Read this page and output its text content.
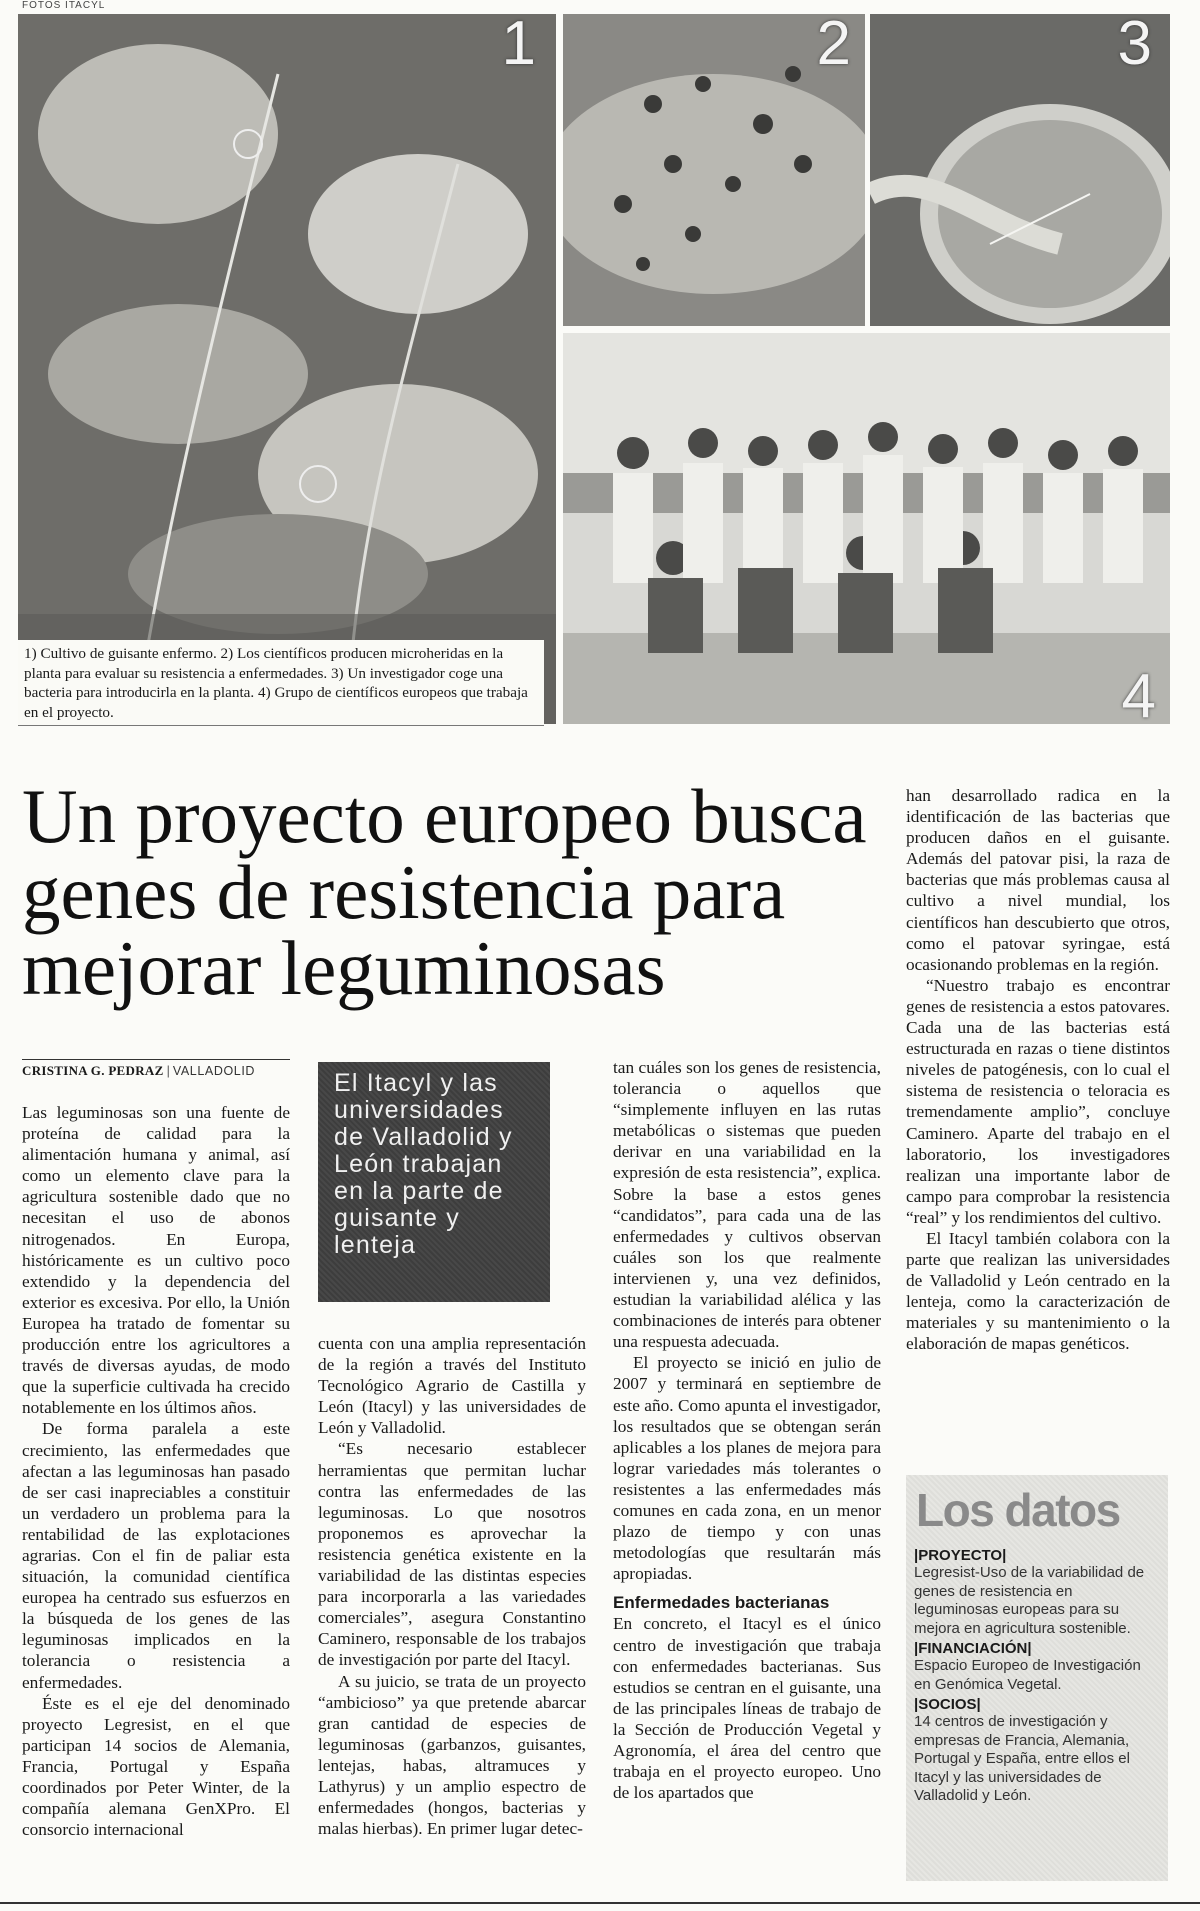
FOTOS ITACYL
1	2	3
4
1) Cultivo de guisante enfermo. 2) Los científicos producen microheridas en la planta para evaluar su resistencia a enfermedades. 3) Un investigador coge una bacteria para introducirla en la planta. 4) Grupo de científicos europeos que trabaja en el proyecto.
Un proyecto europeo busca genes de resistencia para mejorar leguminosas
CRISTINA G. PEDRAZ | VALLADOLID

Las leguminosas son una fuente de proteína de calidad para la alimentación humana y animal, así como un elemento clave para la agricultura sostenible dado que no necesitan el uso de abonos nitrogenados. En Europa, históricamente es un cultivo poco extendido y la dependencia del exterior es excesiva. Por ello, la Unión Europea ha tratado de fomentar su producción entre los agricultores a través de diversas ayudas, de modo que la superficie cultivada ha crecido notablemente en los últimos años.

De forma paralela a este crecimiento, las enfermedades que afectan a las leguminosas han pasado de ser casi inapreciables a constituir un verdadero un problema para la rentabilidad de las explotaciones agrarias. Con el fin de paliar esta situación, la comunidad científica europea ha centrado sus esfuerzos en la búsqueda de los genes de las leguminosas implicados en la tolerancia o resistencia a enfermedades.

Éste es el eje del denominado proyecto Legresist, en el que participan 14 socios de Alemania, Francia, Portugal y España coordinados por Peter Winter, de la compañía alemana GenXPro. El consorcio internacional

El Itacyl y las universidades de Valladolid y León trabajan en la parte de guisante y lenteja

cuenta con una amplia representación de la región a través del Instituto Tecnológico Agrario de Castilla y León (Itacyl) y las universidades de León y Valladolid.

“Es necesario establecer herramientas que permitan luchar contra las enfermedades de las leguminosas. Lo que nosotros proponemos es aprovechar la resistencia genética existente en la variabilidad de las distintas especies para incorporarla a las variedades comerciales”, asegura Constantino Caminero, responsable de los trabajos de investigación por parte del Itacyl.

A su juicio, se trata de un proyecto “ambicioso” ya que pretende abarcar gran cantidad de especies de leguminosas (garbanzos, guisantes, lentejas, habas, altramuces y Lathyrus) y un amplio espectro de enfermedades (hongos, bacterias y malas hierbas). En primer lugar detec-

tan cuáles son los genes de resistencia, tolerancia o aquellos que “simplemente influyen en las rutas metabólicas o sistemas que pueden derivar en una variabilidad en la expresión de esta resistencia”, explica. Sobre la base a estos genes “candidatos”, para cada una de las enfermedades y cultivos observan cuáles son los que realmente intervienen y, una vez definidos, estudian la variabilidad alélica y las combinaciones de interés para obtener una respuesta adecuada.

El proyecto se inició en julio de 2007 y terminará en septiembre de este año. Como apunta el investigador, los resultados que se obtengan serán aplicables a los planes de mejora para lograr variedades más tolerantes o resistentes a las enfermedades más comunes en cada zona, en un menor plazo de tiempo y con unas metodologías que resultarán más apropiadas.

Enfermedades bacterianas

En concreto, el Itacyl es el único centro de investigación que trabaja con enfermedades bacterianas. Sus estudios se centran en el guisante, una de las principales líneas de trabajo de la Sección de Producción Vegetal y Agronomía, el área del centro que trabaja en el proyecto europeo. Uno de los apartados que

han desarrollado radica en la identificación de las bacterias que producen daños en el guisante. Además del patovar pisi, la raza de bacterias que más problemas causa al cultivo a nivel mundial, los científicos han descubierto que otros, como el patovar syringae, está ocasionando problemas en la región.

“Nuestro trabajo es encontrar genes de resistencia a estos patovares. Cada una de las bacterias está estructurada en razas o tiene distintos niveles de patogénesis, con lo cual el sistema de resistencia o teloracia es tremendamente amplio”, concluye Caminero. Aparte del trabajo en el laboratorio, los investigadores realizan una importante labor de campo para comprobar la resistencia “real” y los rendimientos del cultivo.

El Itacyl también colabora con la parte que realizan las universidades de Valladolid y León centrado en la lenteja, como la caracterización de materiales y su mantenimiento o la elaboración de mapas genéticos.

Los datos
|PROYECTO|
Legresist-Uso de la variabilidad de genes de resistencia en leguminosas europeas para su mejora en agricultura sostenible.
|FINANCIACIÓN|
Espacio Europeo de Investigación en Genómica Vegetal.
|SOCIOS|
14 centros de investigación y empresas de Francia, Alemania, Portugal y España, entre ellos el Itacyl y las universidades de Valladolid y León.
